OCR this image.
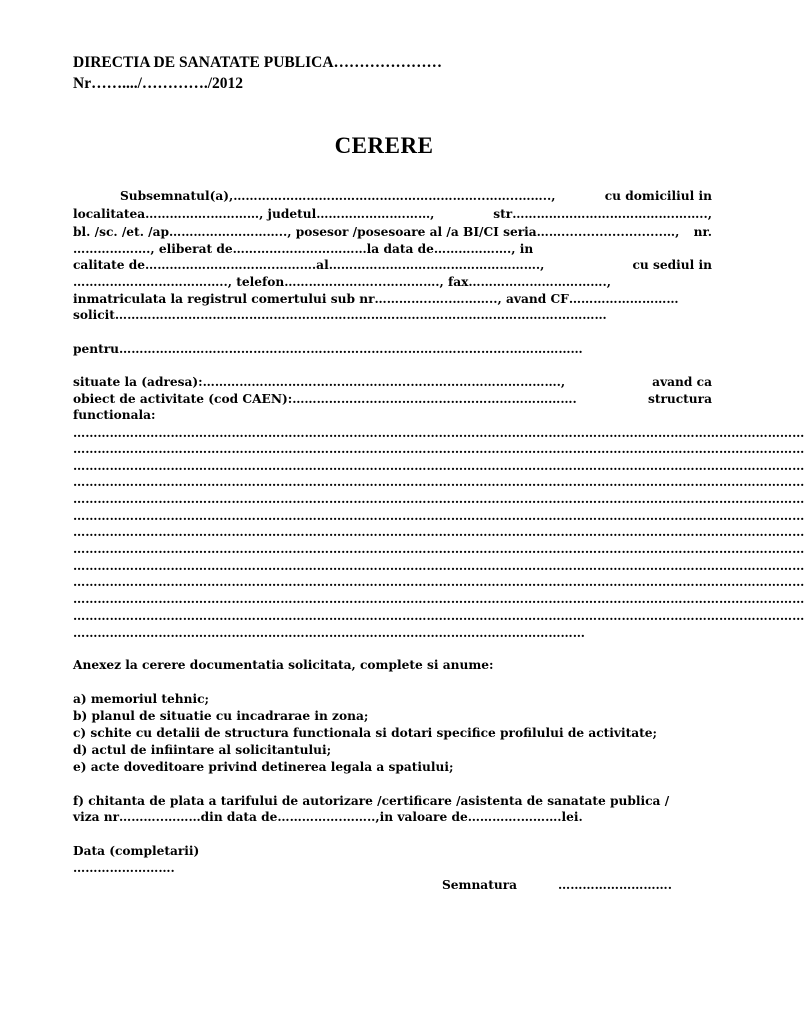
DIRECTIA DE SANATATE PUBLICA…………………
Nr……..../…………./2012
CERERE
Subsemnatul(a),……………………………………………………..……..……..,	cu domiciliul in
localitatea…………….…………, judetul………………….……,	str………………………………….……..,
bl. /sc. /et. /ap……………………….., posesor /posesoare al /a BI/CI seria……........................…, nr.
………………., eliberat de……………………………la data de………………., in
calitate de…………………………..……….al…………………………………………….,	cu sediul in
……………………………….., telefon…………………....…………., fax…………………………….,
inmatriculata la registrul comertului sub nr…………..…..……….., avand CF………………………
solicit……………………………………………………………………………………………….…………
pentru………………………………………..………………………………………….………………
situate la (adresa):……………………….…………………..……………………………….,	avand ca
obiect de activitate (cod CAEN):…………………………………………………………….	structura
functionala:
………………………………………………………………………………………………………………………………………………………………
………………………………………………………………………………………………………………………………………………………………
………………………………………………………………………………………………………………………………………………………………
………………………………………………………………………………………………………………………………………………………………
………………………………………………………………………………………………………………………………………………………………
………………………………………………………………………………………………………………………………………………………………
………………………………………………………………………………………………………………………………………………………………
………………………………………………………………………………………………………………………………………………………………
………………………………………………………………………………………………………………………………………………………………
………………………………………………………………………………………………………………………………………………………………
………………………………………………………………………………………………………………………………………………………………
………………………………………………………………………………………………………………………………………………………………
………………………………………………………………………………………………………………
Anexez la cerere documentatia solicitata, complete si anume:
a) memoriul tehnic;
b) planul de situatie cu incadrarae in zona;
c) schite cu detalii de structura functionala si dotari specifice profilului de activitate;
d) actul de infiintare al solicitantului;
e) acte doveditoare privind detinerea legala a spatiului;
f) chitanta de plata a tarifului de autorizare /certificare /asistenta de sanatate publica /
viza nr………..………din data de…………….……..,in valoare de………….……….lei.
Data (completarii)
…………………….
Semnatura	……………………….
